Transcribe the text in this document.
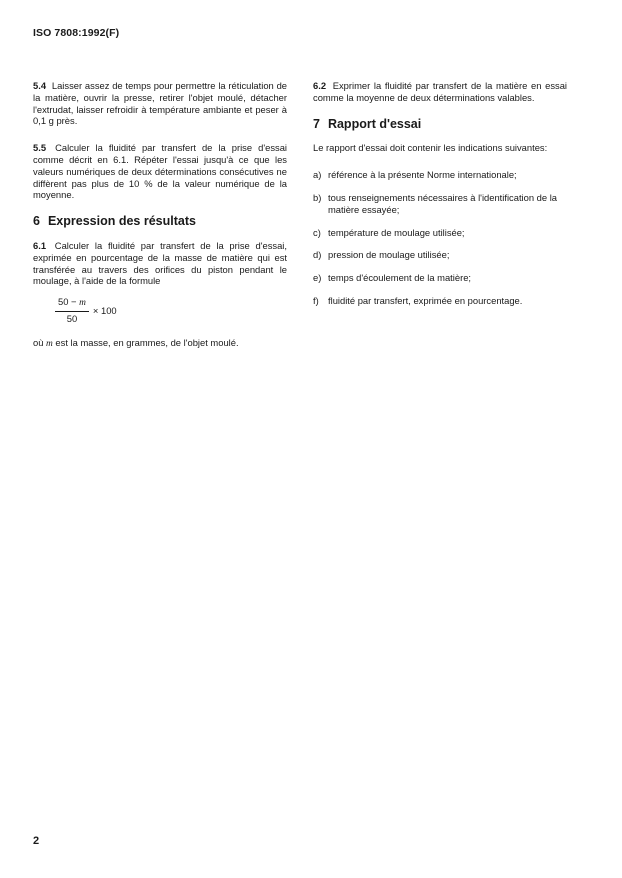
ISO 7808:1992(F)

5.4 Laisser assez de temps pour permettre la réticulation de la matière, ouvrir la presse, retirer l'objet moulé, détacher l'extrudat, laisser refroidir à température ambiante et peser à 0,1 g près.

5.5 Calculer la fluidité par transfert de la prise d'essai comme décrit en 6.1. Répéter l'essai jusqu'à ce que les valeurs numériques de deux déterminations consécutives ne diffèrent pas plus de 10 % de la valeur numérique de la moyenne.

6 Expression des résultats

6.1 Calculer la fluidité par transfert de la prise d'essai, exprimée en pourcentage de la masse de matière qui est transférée au travers des orifices du piston pendant le moulage, à l'aide de la formule

$\frac{50 - m}{50} \times 100$

où m est la masse, en grammes, de l'objet moulé.

6.2 Exprimer la fluidité par transfert de la matière en essai comme la moyenne de deux déterminations valables.

7 Rapport d'essai

Le rapport d'essai doit contenir les indications suivantes:

a) référence à la présente Norme internationale;
b) tous renseignements nécessaires à l'identification de la matière essayée;
c) température de moulage utilisée;
d) pression de moulage utilisée;
e) temps d'écoulement de la matière;
f) fluidité par transfert, exprimée en pourcentage.
2
